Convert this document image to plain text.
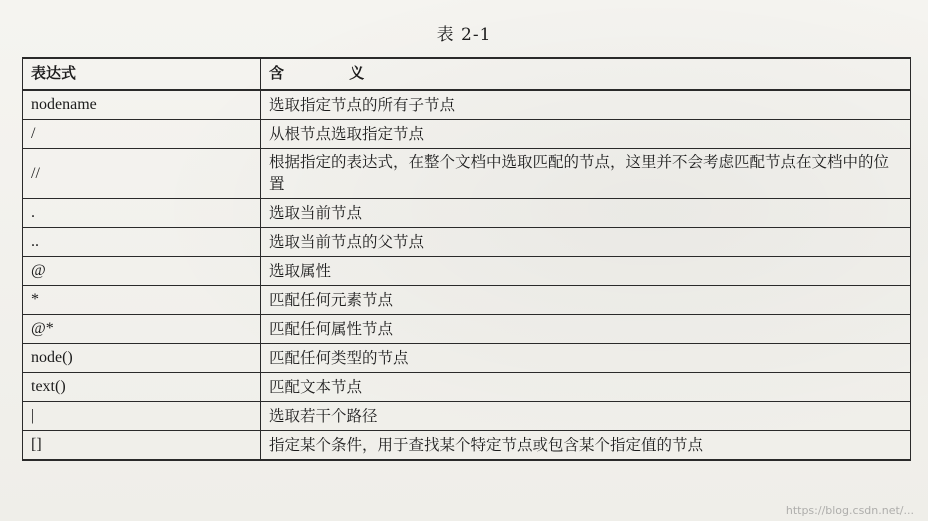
表 2-1
表达式	含 义
nodename	选取指定节点的所有子节点
/	从根节点选取指定节点
//	根据指定的表达式，在整个文档中选取匹配的节点，这里并不会考虑匹配节点在文档中的位置
.	选取当前节点
..	选取当前节点的父节点
@	选取属性
*	匹配任何元素节点
@*	匹配任何属性节点
node()	匹配任何类型的节点
text()	匹配文本节点
|	选取若干个路径
[]	指定某个条件，用于查找某个特定节点或包含某个指定值的节点
https://blog.csdn.net/...
